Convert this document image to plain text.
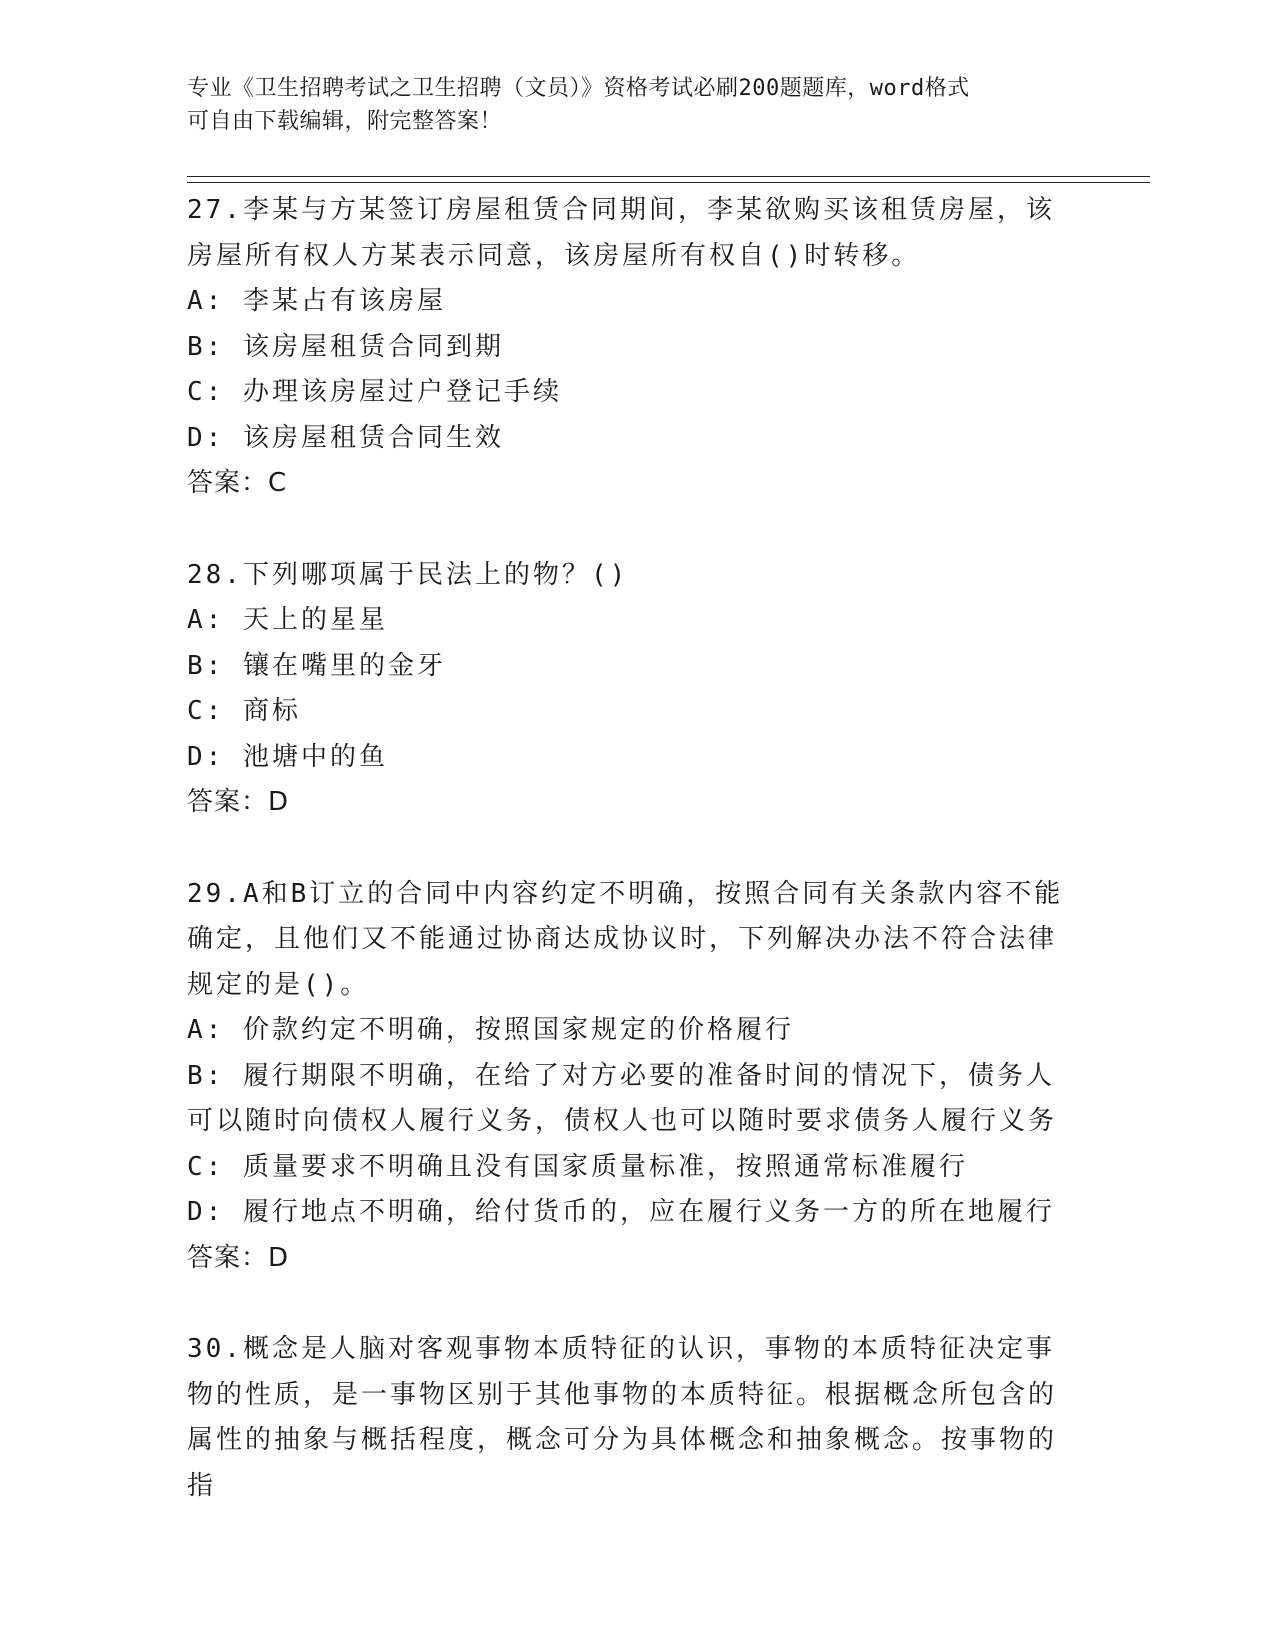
专业《卫生招聘考试之卫生招聘（文员）》资格考试必刷200题题库，word格式
可自由下载编辑，附完整答案！
27.李某与方某签订房屋租赁合同期间，李某欲购买该租赁房屋，该房屋所有权人方某表示同意，该房屋所有权自()时转移。
A: 李某占有该房屋
B: 该房屋租赁合同到期
C: 办理该房屋过户登记手续
D: 该房屋租赁合同生效
答案：C
28.下列哪项属于民法上的物？()
A: 天上的星星
B: 镶在嘴里的金牙
C: 商标
D: 池塘中的鱼
答案：D
29.A和B订立的合同中内容约定不明确，按照合同有关条款内容不能确定，且他们又不能通过协商达成协议时，下列解决办法不符合法律规定的是()。
A: 价款约定不明确，按照国家规定的价格履行
B: 履行期限不明确，在给了对方必要的准备时间的情况下，债务人可以随时向债权人履行义务，债权人也可以随时要求债务人履行义务
C: 质量要求不明确且没有国家质量标准，按照通常标准履行
D: 履行地点不明确，给付货币的，应在履行义务一方的所在地履行
答案：D
30.概念是人脑对客观事物本质特征的认识，事物的本质特征决定事物的性质，是一事物区别于其他事物的本质特征。根据概念所包含的属性的抽象与概括程度，概念可分为具体概念和抽象概念。按事物的指
